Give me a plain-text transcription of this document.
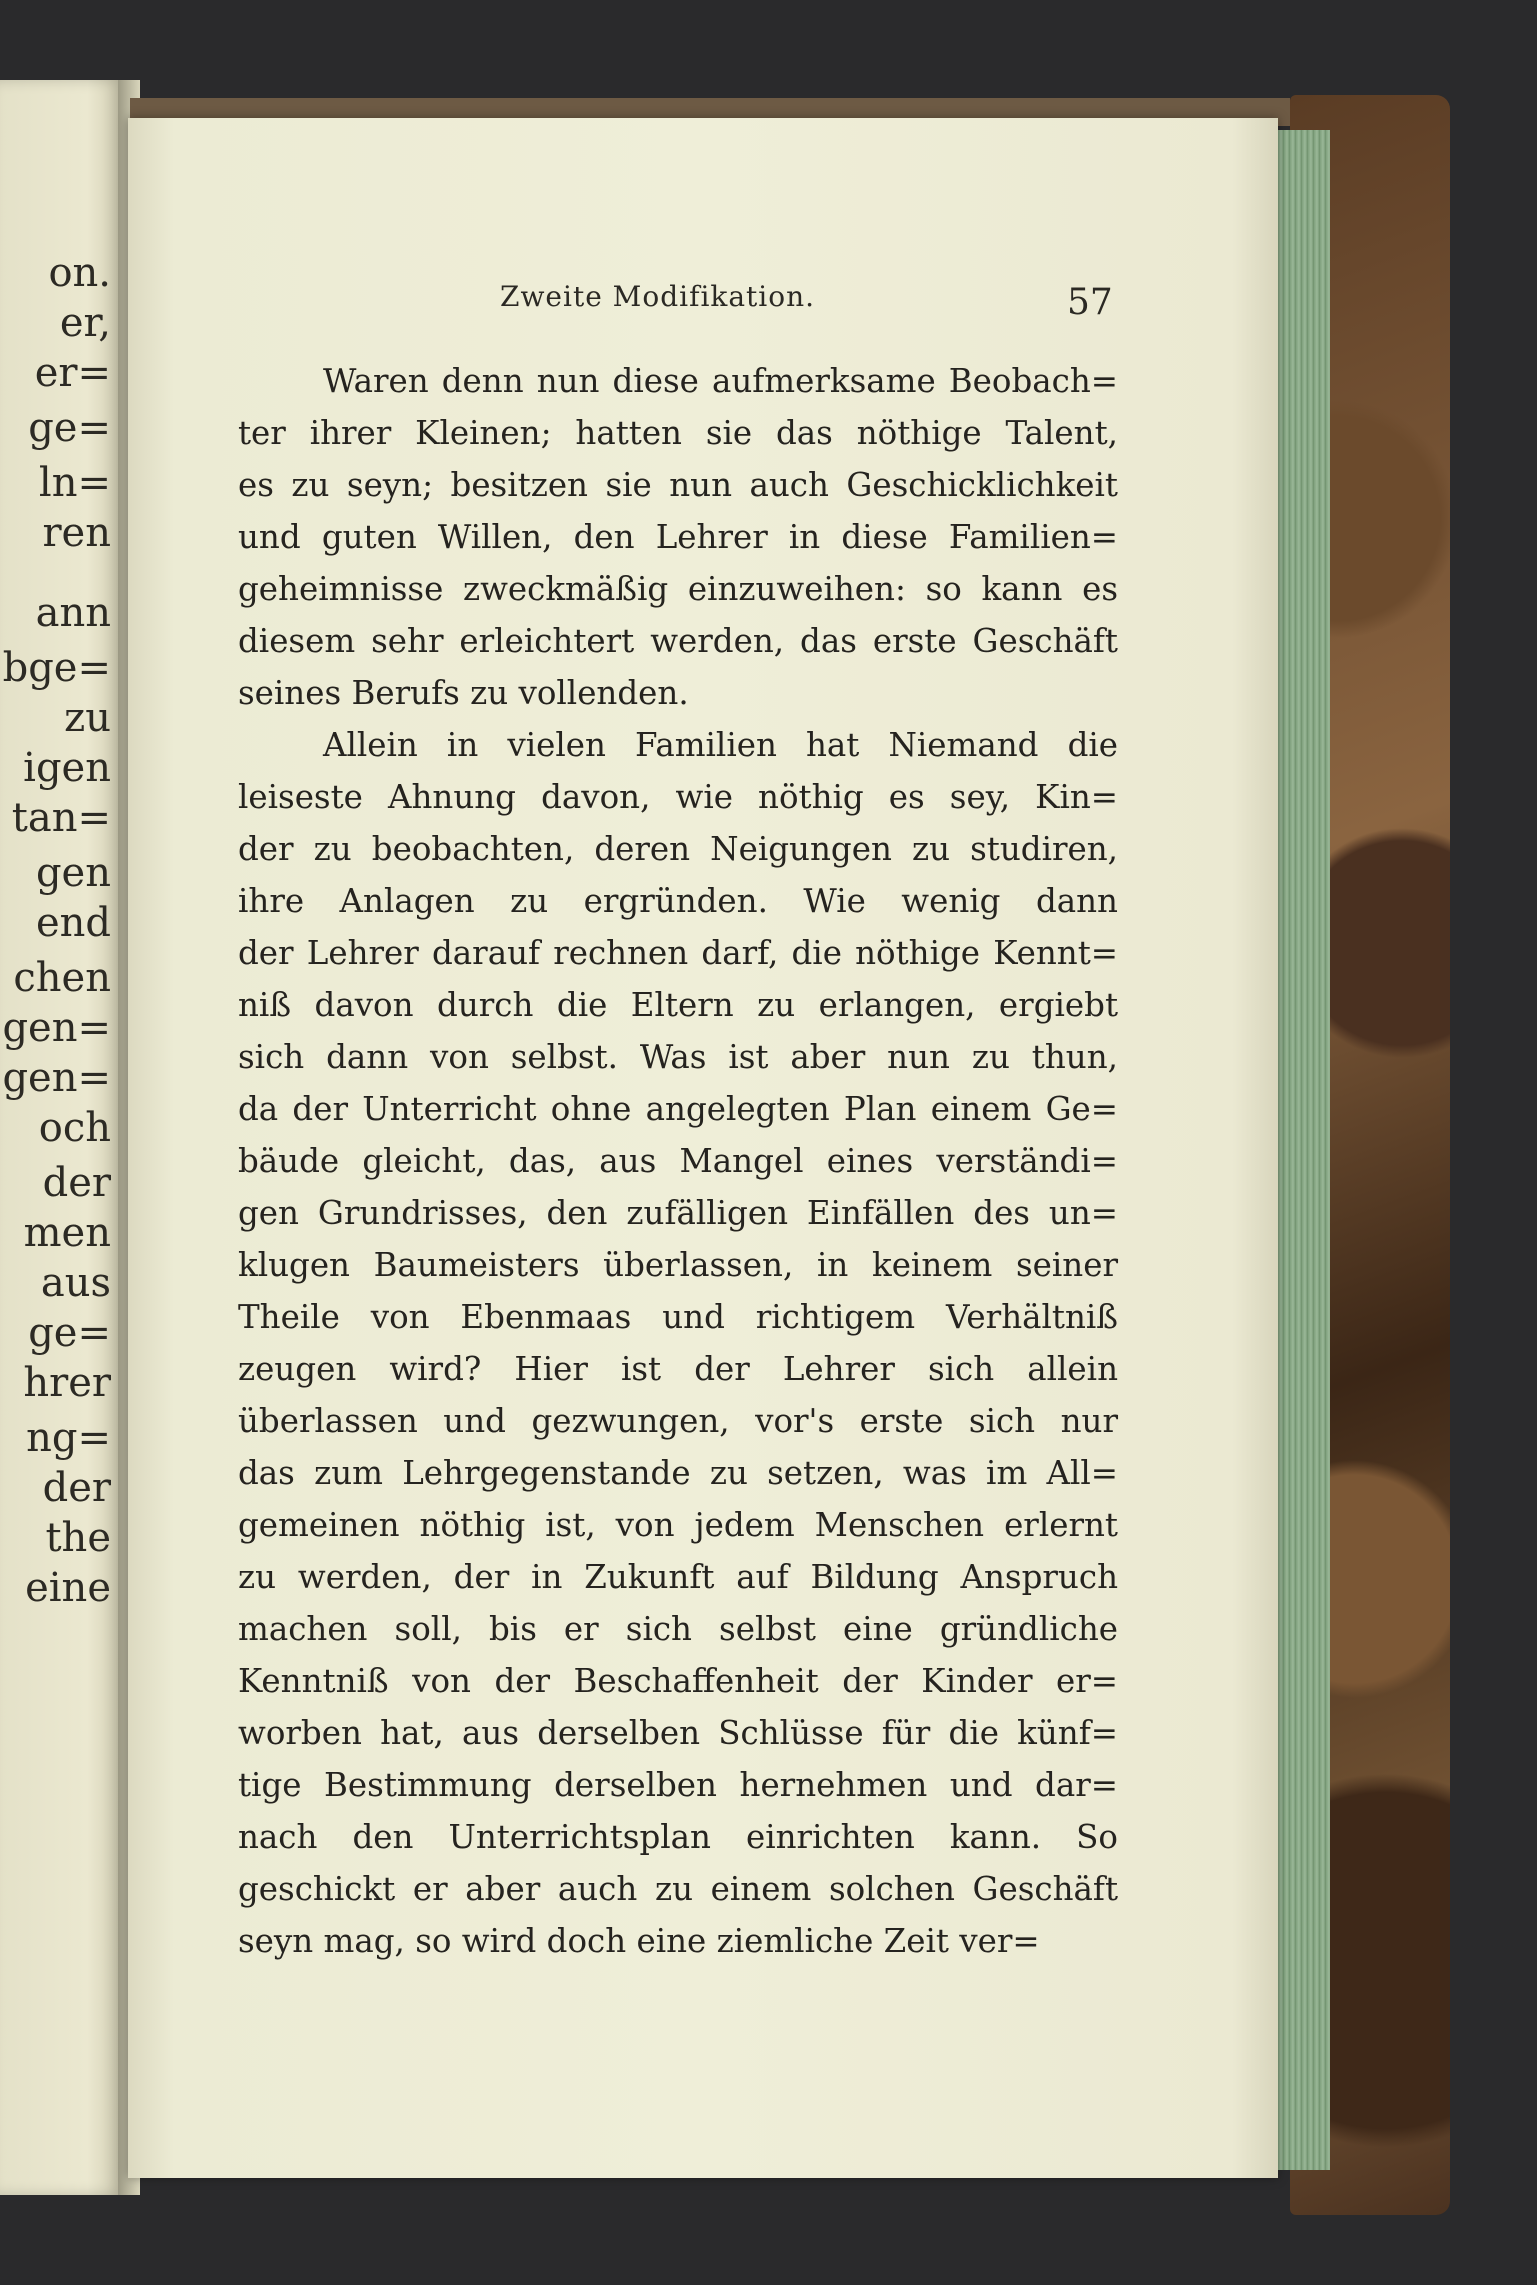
on.
er,
er=
ge=
ln=
ren
ann
bge=
zu
igen
tan=
gen
end
chen
gen=
gen=
och
der
men
aus
ge=
hrer
ng=
der
the
eine
Zweite Modifikation.	57
Waren denn nun diese aufmerksame Beobach=
ter ihrer Kleinen; hatten sie das nöthige Talent,
es zu seyn; besitzen sie nun auch Geschicklichkeit
und guten Willen, den Lehrer in diese Familien=
geheimnisse zweckmäßig einzuweihen: so kann es
diesem sehr erleichtert werden, das erste Geschäft
seines Berufs zu vollenden.
Allein in vielen Familien hat Niemand die
leiseste Ahnung davon, wie nöthig es sey, Kin=
der zu beobachten, deren Neigungen zu studiren,
ihre Anlagen zu ergründen. Wie wenig dann
der Lehrer darauf rechnen darf, die nöthige Kennt=
niß davon durch die Eltern zu erlangen, ergiebt
sich dann von selbst. Was ist aber nun zu thun,
da der Unterricht ohne angelegten Plan einem Ge=
bäude gleicht, das, aus Mangel eines verständi=
gen Grundrisses, den zufälligen Einfällen des un=
klugen Baumeisters überlassen, in keinem seiner
Theile von Ebenmaas und richtigem Verhältniß
zeugen wird? Hier ist der Lehrer sich allein
überlassen und gezwungen, vor's erste sich nur
das zum Lehrgegenstande zu setzen, was im All=
gemeinen nöthig ist, von jedem Menschen erlernt
zu werden, der in Zukunft auf Bildung Anspruch
machen soll, bis er sich selbst eine gründliche
Kenntniß von der Beschaffenheit der Kinder er=
worben hat, aus derselben Schlüsse für die künf=
tige Bestimmung derselben hernehmen und dar=
nach den Unterrichtsplan einrichten kann. So
geschickt er aber auch zu einem solchen Geschäft
seyn mag, so wird doch eine ziemliche Zeit ver=
